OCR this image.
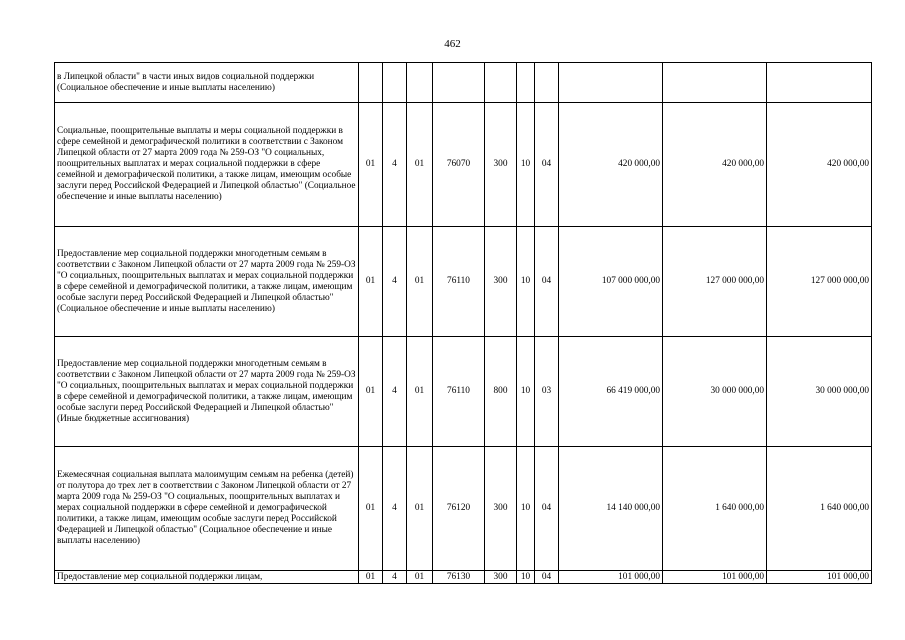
462
в Липецкой области" в части иных видов социальной поддержки (Социальное обеспечение и иные выплаты населению)										
Социальные, поощрительные выплаты и меры социальной поддержки в сфере семейной и демографической политики в соответствии с Законом Липецкой области от 27 марта 2009 года № 259-ОЗ "О социальных, поощрительных выплатах и мерах социальной поддержки в сфере семейной и демографической политики, а также лицам, имеющим особые заслуги перед Российской Федерацией и Липецкой областью" (Социальное обеспечение и иные выплаты населению)	01	4	01	76070	300	10	04	420 000,00	420 000,00	420 000,00
Предоставление мер социальной поддержки многодетным семьям в соответствии с Законом Липецкой области от 27 марта 2009 года № 259-ОЗ "О социальных, поощрительных выплатах и мерах социальной поддержки в сфере семейной и демографической политики, а также лицам, имеющим особые заслуги перед Российской Федерацией и Липецкой областью" (Социальное обеспечение и иные выплаты населению)	01	4	01	76110	300	10	04	107 000 000,00	127 000 000,00	127 000 000,00
Предоставление мер социальной поддержки многодетным семьям в соответствии с Законом Липецкой области от 27 марта 2009 года № 259-ОЗ "О социальных, поощрительных выплатах и мерах социальной поддержки в сфере семейной и демографической политики, а также лицам, имеющим особые заслуги перед Российской Федерацией и Липецкой областью" (Иные бюджетные ассигнования)	01	4	01	76110	800	10	03	66 419 000,00	30 000 000,00	30 000 000,00
Ежемесячная социальная выплата малоимущим семьям на ребенка (детей) от полутора до трех лет в соответствии с Законом Липецкой области от 27 марта 2009 года № 259-ОЗ "О социальных, поощрительных выплатах и мерах социальной поддержки в сфере семейной и демографической политики, а также лицам, имеющим особые заслуги перед Российской Федерацией и Липецкой областью" (Социальное обеспечение и иные выплаты населению)	01	4	01	76120	300	10	04	14 140 000,00	1 640 000,00	1 640 000,00
Предоставление мер социальной поддержки лицам,	01	4	01	76130	300	10	04	101 000,00	101 000,00	101 000,00
